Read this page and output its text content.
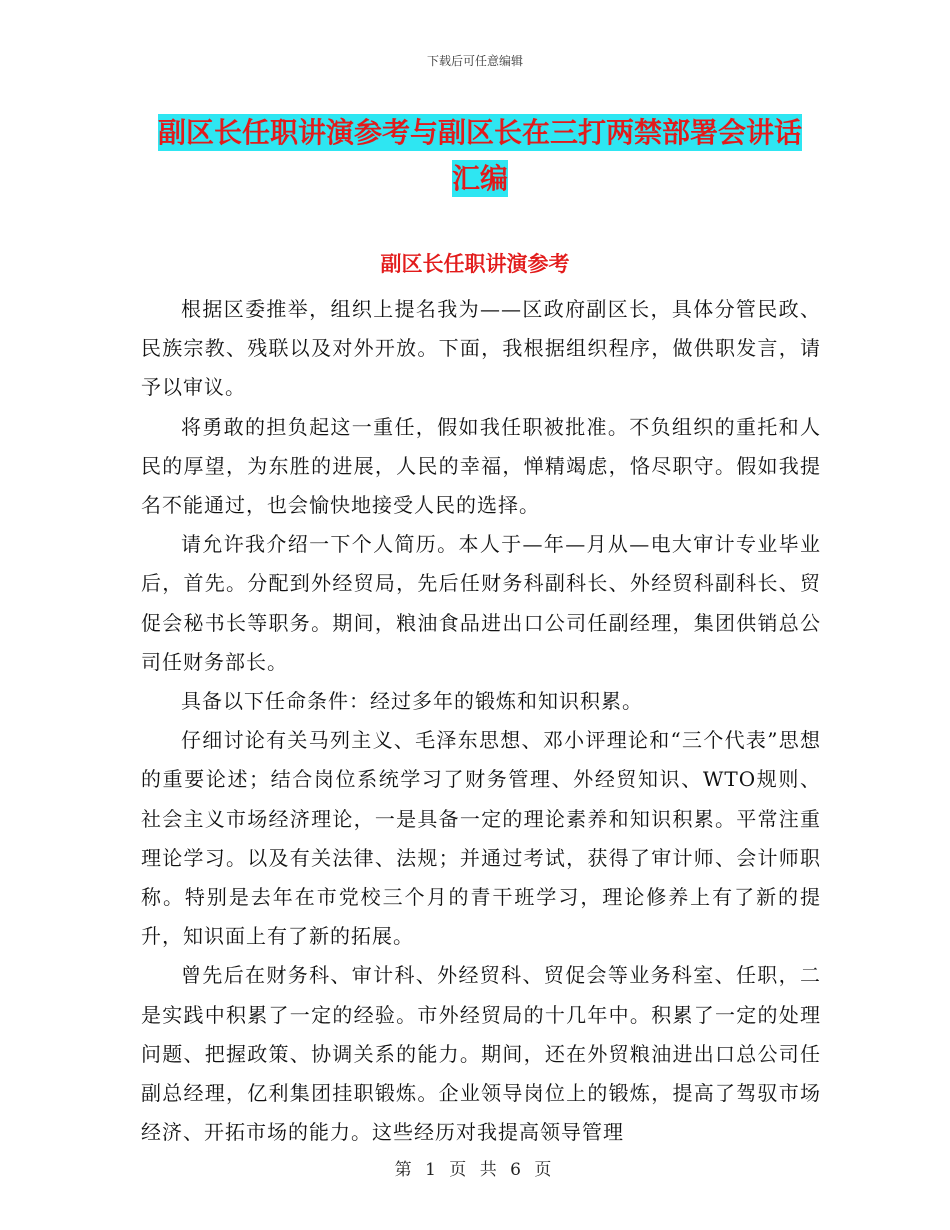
下载后可任意编辑
副区长任职讲演参考与副区长在三打两禁部署会讲话
汇编
副区长任职讲演参考

根据区委推举，组织上提名我为——区政府副区长，具体分管民政、民族宗教、残联以及对外开放。下面，我根据组织程序，做供职发言，请予以审议。

将勇敢的担负起这一重任，假如我任职被批准。不负组织的重托和人民的厚望，为东胜的进展，人民的幸福，惮精竭虑，恪尽职守。假如我提名不能通过，也会愉快地接受人民的选择。

请允许我介绍一下个人简历。本人于—年—月从—电大审计专业毕业后，首先。分配到外经贸局，先后任财务科副科长、外经贸科副科长、贸促会秘书长等职务。期间，粮油食品进出口公司任副经理，集团供销总公司任财务部长。

具备以下任命条件：经过多年的锻炼和知识积累。

仔细讨论有关马列主义、毛泽东思想、邓小评理论和“三个代表”思想的重要论述；结合岗位系统学习了财务管理、外经贸知识、WTO规则、社会主义市场经济理论，一是具备一定的理论素养和知识积累。平常注重理论学习。以及有关法律、法规；并通过考试，获得了审计师、会计师职称。特别是去年在市党校三个月的青干班学习，理论修养上有了新的提升，知识面上有了新的拓展。

曾先后在财务科、审计科、外经贸科、贸促会等业务科室、任职，二是实践中积累了一定的经验。市外经贸局的十几年中。积累了一定的处理问题、把握政策、协调关系的能力。期间，还在外贸粮油进出口总公司任副总经理，亿利集团挂职锻炼。企业领导岗位上的锻炼，提高了驾驭市场经济、开拓市场的能力。这些经历对我提高领导管理

第 1 页 共 6 页
